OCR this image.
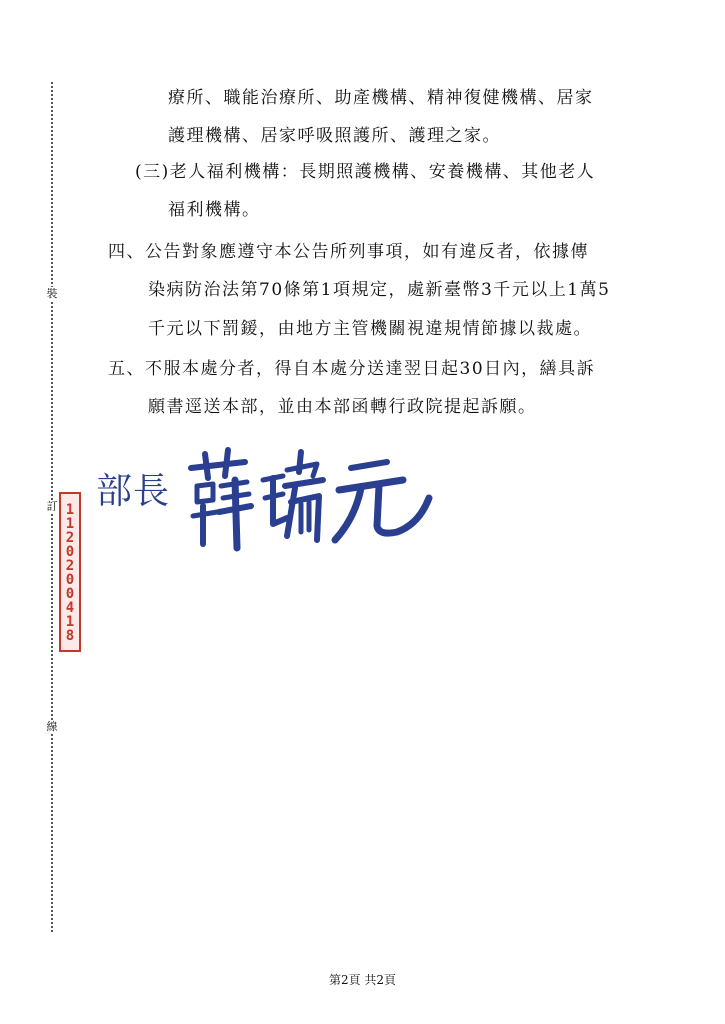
裝
訂
線
療所、職能治療所、助產機構、精神復健機構、居家
護理機構、居家呼吸照護所、護理之家。
(三)老人福利機構：長期照護機構、安養機構、其他老人
福利機構。
四、公告對象應遵守本公告所列事項，如有違反者，依據傳
染病防治法第70條第1項規定，處新臺幣3千元以上1萬5
千元以下罰鍰，由地方主管機關視違規情節據以裁處。
五、不服本處分者，得自本處分送達翌日起30日內，繕具訴
願書逕送本部，並由本部函轉行政院提起訴願。
部長
1120200418
第2頁 共2頁
